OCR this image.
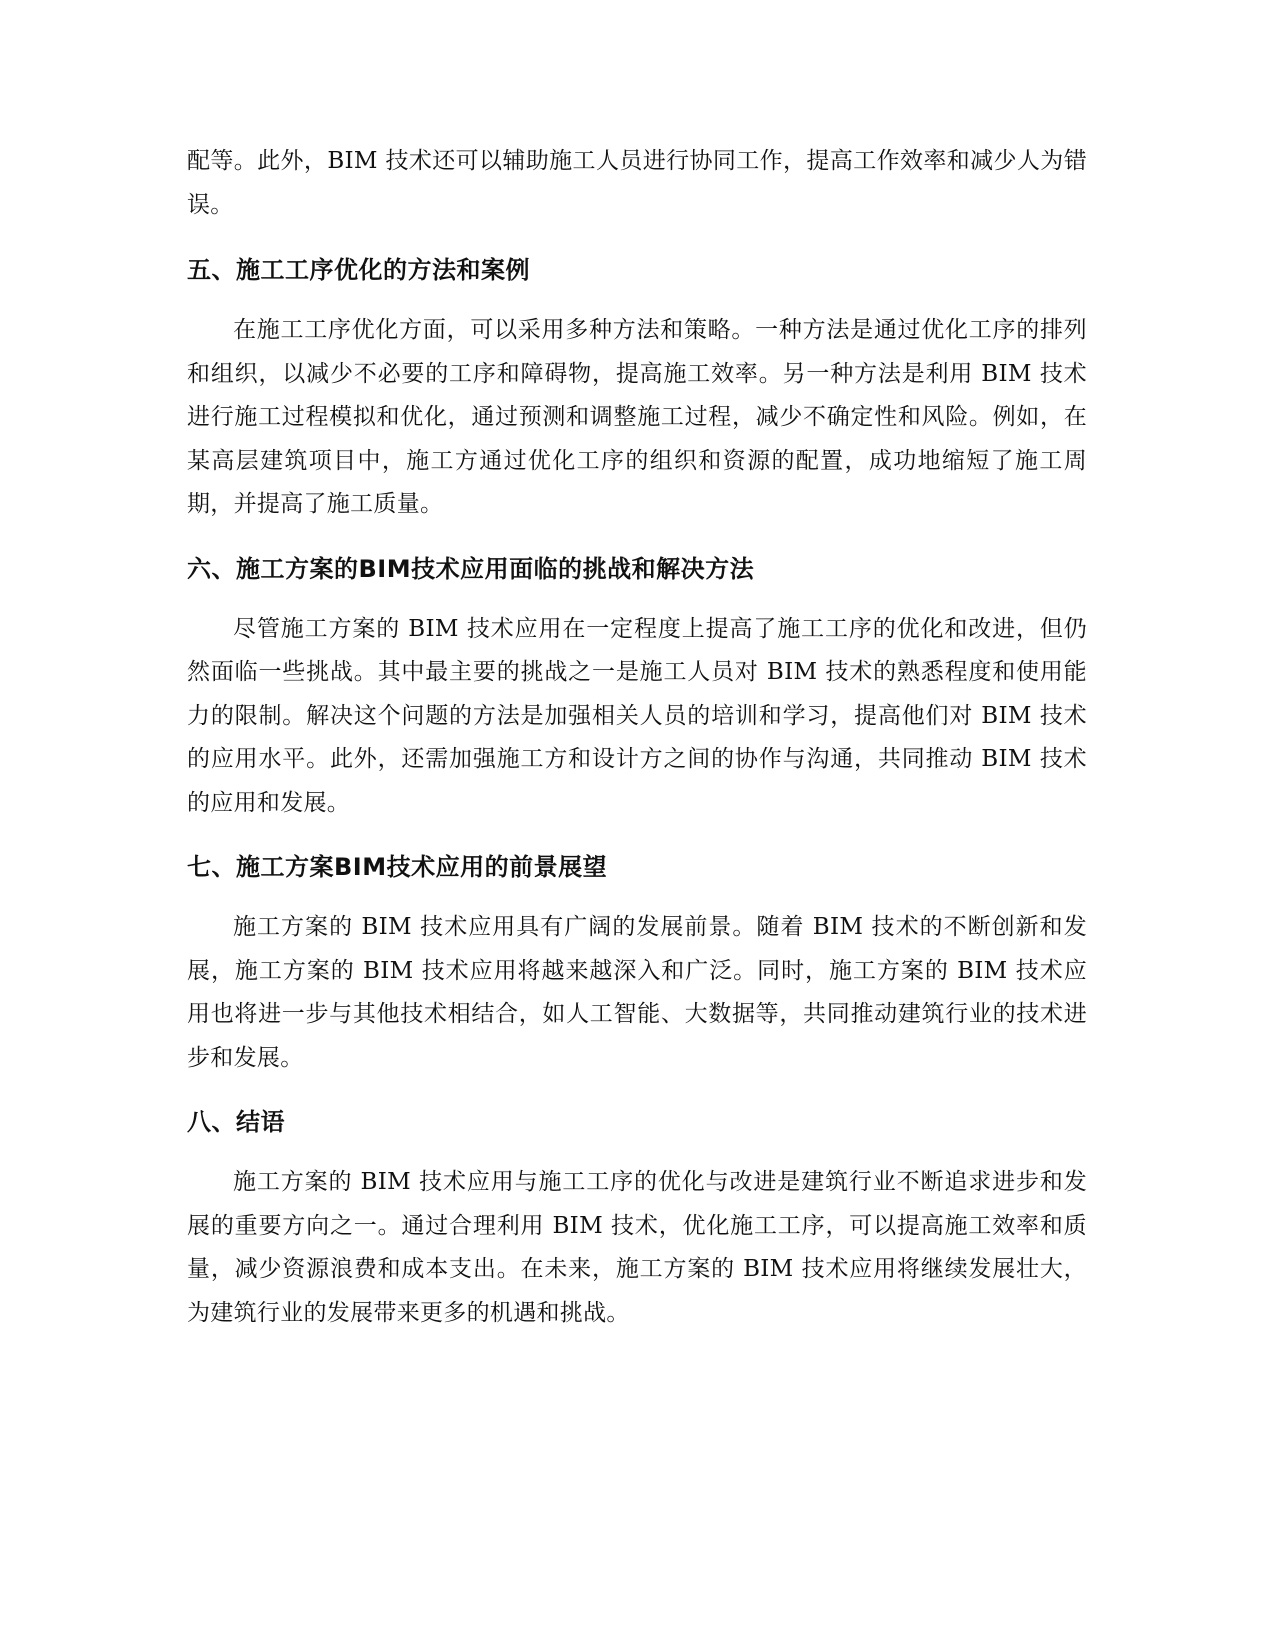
配等。此外，BIM 技术还可以辅助施工人员进行协同工作，提高工作效率和减少人为错误。

五、施工工序优化的方法和案例

在施工工序优化方面，可以采用多种方法和策略。一种方法是通过优化工序的排列和组织，以减少不必要的工序和障碍物，提高施工效率。另一种方法是利用 BIM 技术进行施工过程模拟和优化，通过预测和调整施工过程，减少不确定性和风险。例如，在某高层建筑项目中，施工方通过优化工序的组织和资源的配置，成功地缩短了施工周期，并提高了施工质量。

六、施工方案的BIM技术应用面临的挑战和解决方法

尽管施工方案的 BIM 技术应用在一定程度上提高了施工工序的优化和改进，但仍然面临一些挑战。其中最主要的挑战之一是施工人员对 BIM 技术的熟悉程度和使用能力的限制。解决这个问题的方法是加强相关人员的培训和学习，提高他们对 BIM 技术的应用水平。此外，还需加强施工方和设计方之间的协作与沟通，共同推动 BIM 技术的应用和发展。

七、施工方案BIM技术应用的前景展望

施工方案的 BIM 技术应用具有广阔的发展前景。随着 BIM 技术的不断创新和发展，施工方案的 BIM 技术应用将越来越深入和广泛。同时，施工方案的 BIM 技术应用也将进一步与其他技术相结合，如人工智能、大数据等，共同推动建筑行业的技术进步和发展。

八、结语

施工方案的 BIM 技术应用与施工工序的优化与改进是建筑行业不断追求进步和发展的重要方向之一。通过合理利用 BIM 技术，优化施工工序，可以提高施工效率和质量，减少资源浪费和成本支出。在未来，施工方案的 BIM 技术应用将继续发展壮大，为建筑行业的发展带来更多的机遇和挑战。
